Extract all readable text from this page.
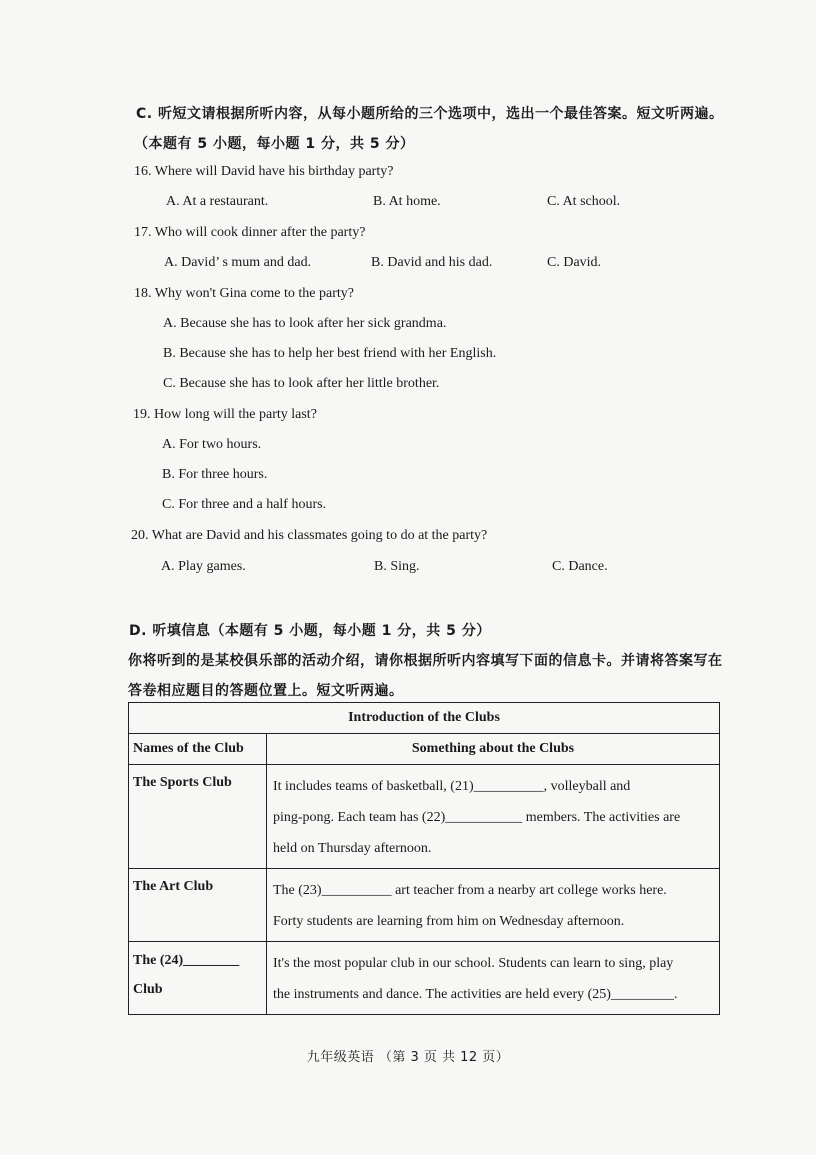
C. 听短文请根据所听内容，从每小题所给的三个选项中，选出一个最佳答案。短文听两遍。
（本题有 5 小题，每小题 1 分，共 5 分）
16. Where will David have his birthday party?
A. At a restaurant.	B. At home.	C. At school.
17. Who will cook dinner after the party?
A. David’ s mum and dad.	B. David and his dad.	C. David.
18. Why won't Gina come to the party?
A. Because she has to look after her sick grandma.
B. Because she has to help her best friend with her English.
C. Because she has to look after her little brother.
19. How long will the party last?
A. For two hours.
B. For three hours.
C. For three and a half hours.
20. What are David and his classmates going to do at the party?
A. Play games.	B. Sing.	C. Dance.
D. 听填信息（本题有 5 小题，每小题 1 分，共 5 分）
你将听到的是某校俱乐部的活动介绍，请你根据所听内容填写下面的信息卡。并请将答案写在
答卷相应题目的答题位置上。短文听两遍。
Introduction of the Clubs	
Names of the Club	Something about the Clubs
The Sports Club	It includes teams of basketball, (21)__________, volleyball and
ping-pong. Each team has (22)___________ members. The activities are
held on Thursday afternoon.

The Art Club	The (23)__________ art teacher from a nearby art college works here.
Forty students are learning from him on Wednesday afternoon.

The (24)________
Club	It's the most popular club in our school. Students can learn to sing, play
the instruments and dance. The activities are held every (25)_________.
九年级英语 （第 3 页 共 12 页）
